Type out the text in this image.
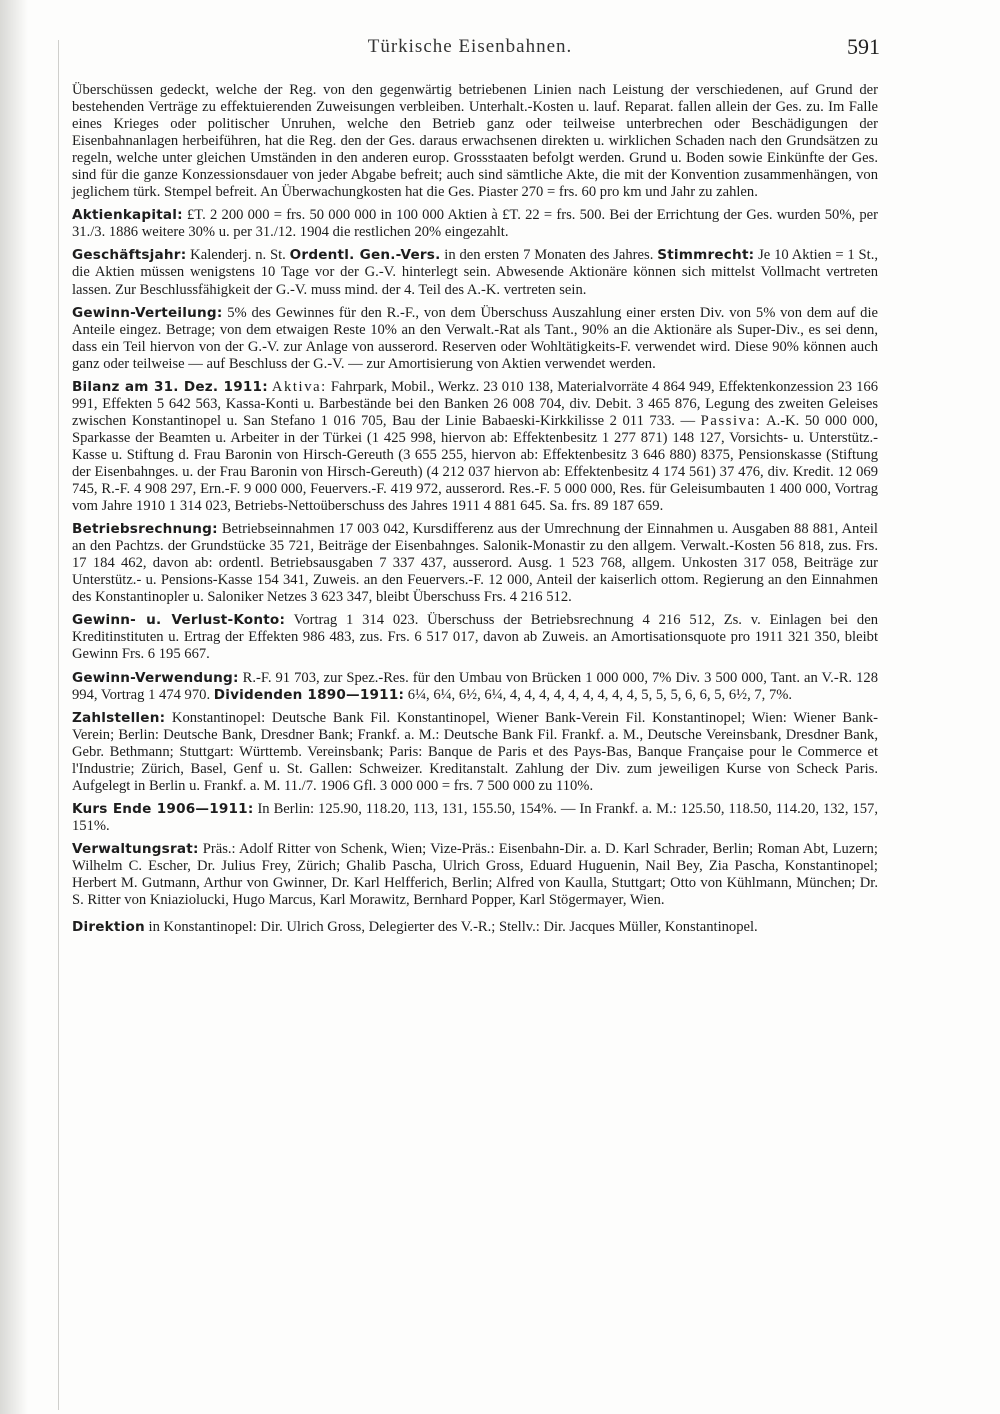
Türkische Eisenbahnen.	591

Überschüssen gedeckt, welche der Reg. von den gegenwärtig betriebenen Linien nach Leistung der verschiedenen, auf Grund der bestehenden Verträge zu effektuierenden Zuweisungen verbleiben. Unterhalt.-Kosten u. lauf. Reparat. fallen allein der Ges. zu. Im Falle eines Krieges oder politischer Unruhen, welche den Betrieb ganz oder teilweise unterbrechen oder Beschädigungen der Eisenbahnanlagen herbeiführen, hat die Reg. den der Ges. daraus erwachsenen direkten u. wirklichen Schaden nach den Grundsätzen zu regeln, welche unter gleichen Umständen in den anderen europ. Grossstaaten befolgt werden. Grund u. Boden sowie Einkünfte der Ges. sind für die ganze Konzessionsdauer von jeder Abgabe befreit; auch sind sämtliche Akte, die mit der Konvention zusammenhängen, von jeglichem türk. Stempel befreit. An Überwachungkosten hat die Ges. Piaster 270 = frs. 60 pro km und Jahr zu zahlen.

Aktienkapital: £T. 2 200 000 = frs. 50 000 000 in 100 000 Aktien à £T. 22 = frs. 500. Bei der Errichtung der Ges. wurden 50%, per 31./3. 1886 weitere 30% u. per 31./12. 1904 die restlichen 20% eingezahlt.

Geschäftsjahr: Kalenderj. n. St. Ordentl. Gen.-Vers. in den ersten 7 Monaten des Jahres. Stimmrecht: Je 10 Aktien = 1 St., die Aktien müssen wenigstens 10 Tage vor der G.-V. hinterlegt sein. Abwesende Aktionäre können sich mittelst Vollmacht vertreten lassen. Zur Beschlussfähigkeit der G.-V. muss mind. der 4. Teil des A.-K. vertreten sein.

Gewinn-Verteilung: 5% des Gewinnes für den R.-F., von dem Überschuss Auszahlung einer ersten Div. von 5% von dem auf die Anteile eingez. Betrage; von dem etwaigen Reste 10% an den Verwalt.-Rat als Tant., 90% an die Aktionäre als Super-Div., es sei denn, dass ein Teil hiervon von der G.-V. zur Anlage von ausserord. Reserven oder Wohltätigkeits-F. verwendet wird. Diese 90% können auch ganz oder teilweise — auf Beschluss der G.-V. — zur Amortisierung von Aktien verwendet werden.

Bilanz am 31. Dez. 1911: Aktiva: Fahrpark, Mobil., Werkz. 23 010 138, Materialvorräte 4 864 949, Effektenkonzession 23 166 991, Effekten 5 642 563, Kassa-Konti u. Barbestände bei den Banken 26 008 704, div. Debit. 3 465 876, Legung des zweiten Geleises zwischen Konstantinopel u. San Stefano 1 016 705, Bau der Linie Babaeski-Kirkkilisse 2 011 733. — Passiva: A.-K. 50 000 000, Sparkasse der Beamten u. Arbeiter in der Türkei (1 425 998, hiervon ab: Effektenbesitz 1 277 871) 148 127, Vorsichts- u. Unterstütz.-Kasse u. Stiftung d. Frau Baronin von Hirsch-Gereuth (3 655 255, hiervon ab: Effektenbesitz 3 646 880) 8375, Pensionskasse (Stiftung der Eisenbahnges. u. der Frau Baronin von Hirsch-Gereuth) (4 212 037 hiervon ab: Effektenbesitz 4 174 561) 37 476, div. Kredit. 12 069 745, R.-F. 4 908 297, Ern.-F. 9 000 000, Feuervers.-F. 419 972, ausserord. Res.-F. 5 000 000, Res. für Geleisumbauten 1 400 000, Vortrag vom Jahre 1910 1 314 023, Betriebs-Nettoüberschuss des Jahres 1911 4 881 645. Sa. frs. 89 187 659.

Betriebsrechnung: Betriebseinnahmen 17 003 042, Kursdifferenz aus der Umrechnung der Einnahmen u. Ausgaben 88 881, Anteil an den Pachtzs. der Grundstücke 35 721, Beiträge der Eisenbahnges. Salonik-Monastir zu den allgem. Verwalt.-Kosten 56 818, zus. Frs. 17 184 462, davon ab: ordentl. Betriebsausgaben 7 337 437, ausserord. Ausg. 1 523 768, allgem. Unkosten 317 058, Beiträge zur Unterstütz.- u. Pensions-Kasse 154 341, Zuweis. an den Feuervers.-F. 12 000, Anteil der kaiserlich ottom. Regierung an den Einnahmen des Konstantinopler u. Saloniker Netzes 3 623 347, bleibt Überschuss Frs. 4 216 512.

Gewinn- u. Verlust-Konto: Vortrag 1 314 023. Überschuss der Betriebsrechnung 4 216 512, Zs. v. Einlagen bei den Kreditinstituten u. Ertrag der Effekten 986 483, zus. Frs. 6 517 017, davon ab Zuweis. an Amortisationsquote pro 1911 321 350, bleibt Gewinn Frs. 6 195 667.

Gewinn-Verwendung: R.-F. 91 703, zur Spez.-Res. für den Umbau von Brücken 1 000 000, 7% Div. 3 500 000, Tant. an V.-R. 128 994, Vortrag 1 474 970. Dividenden 1890—1911: 6¼, 6¼, 6½, 6¼, 4, 4, 4, 4, 4, 4, 4, 4, 4, 5, 5, 5, 6, 6, 5, 6½, 7, 7%.

Zahlstellen: Konstantinopel: Deutsche Bank Fil. Konstantinopel, Wiener Bank-Verein Fil. Konstantinopel; Wien: Wiener Bank-Verein; Berlin: Deutsche Bank, Dresdner Bank; Frankf. a. M.: Deutsche Bank Fil. Frankf. a. M., Deutsche Vereinsbank, Dresdner Bank, Gebr. Bethmann; Stuttgart: Württemb. Vereinsbank; Paris: Banque de Paris et des Pays-Bas, Banque Française pour le Commerce et l'Industrie; Zürich, Basel, Genf u. St. Gallen: Schweizer. Kreditanstalt. Zahlung der Div. zum jeweiligen Kurse von Scheck Paris. Aufgelegt in Berlin u. Frankf. a. M. 11./7. 1906 Gfl. 3 000 000 = frs. 7 500 000 zu 110%.

Kurs Ende 1906—1911: In Berlin: 125.90, 118.20, 113, 131, 155.50, 154%. — In Frankf. a. M.: 125.50, 118.50, 114.20, 132, 157, 151%.

Verwaltungsrat: Präs.: Adolf Ritter von Schenk, Wien; Vize-Präs.: Eisenbahn-Dir. a. D. Karl Schrader, Berlin; Roman Abt, Luzern; Wilhelm C. Escher, Dr. Julius Frey, Zürich; Ghalib Pascha, Ulrich Gross, Eduard Huguenin, Nail Bey, Zia Pascha, Konstantinopel; Herbert M. Gutmann, Arthur von Gwinner, Dr. Karl Helfferich, Berlin; Alfred von Kaulla, Stuttgart; Otto von Kühlmann, München; Dr. S. Ritter von Kniaziolucki, Hugo Marcus, Karl Morawitz, Bernhard Popper, Karl Stögermayer, Wien.

Direktion in Konstantinopel: Dir. Ulrich Gross, Delegierter des V.-R.; Stellv.: Dir. Jacques Müller, Konstantinopel.
